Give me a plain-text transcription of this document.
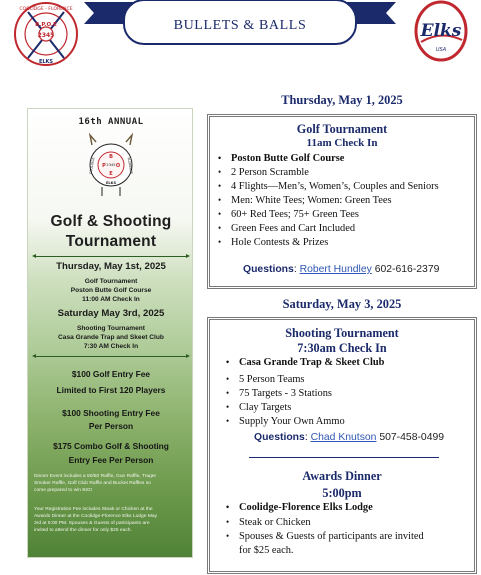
2345
B.P.O.E
COOLIDGE - FLORENCE
ELKS
BULLETS & BALLS	Elks
USA
16th ANNUAL
B
P O
E
2345
COOLIDGE	FLORENCE
ELKS
Golf & Shooting
Tournament
Thursday, May 1st, 2025
Golf Tournament
Poston Butte Golf Course
11:00 AM Check In
Saturday May 3rd, 2025
Shooting Tournament
Casa Grande Trap and Skeet Club
7:30 AM Check In
$100 Golf Entry Fee
Limited to First 120 Players
$100 Shooting Entry Fee
Per Person
$175 Combo Golf & Shooting
Entry Fee Per Person
Dinner Event includes a 50/50 Raffle, Gun Raffle, Trager
Smoker Raffle, Golf Club Raffle and Bucket Raffles so
come prepared to win BIG!
Your Registration Fee includes Steak or Chicken at the
Awards Dinner at the Coolidge-Florence Elks Lodge May
3rd at 5:00 PM. Spouses & Guests of participants are
invited to attend the dinner for only $25 each.
Thursday, May 1, 2025
Golf Tournament
11am Check In
• Poston Butte Golf Course
• 2 Person Scramble
• 4 Flights—Men’s, Women’s, Couples and Seniors
• Men: White Tees; Women: Green Tees
• 60+ Red Tees; 75+ Green Tees
• Green Fees and Cart Included
• Hole Contests & Prizes
Questions: Robert Hundley 602-616-2379
Saturday, May 3, 2025
Shooting Tournament
7:30am Check In
• Casa Grande Trap & Skeet Club
• 5 Person Teams
• 75 Targets - 3 Stations
• Clay Targets
• Supply Your Own Ammo
Questions: Chad Knutson 507-458-0499
Awards Dinner
5:00pm
• Coolidge-Florence Elks Lodge
• Steak or Chicken
• Spouses & Guests of participants are invited
for $25 each.
